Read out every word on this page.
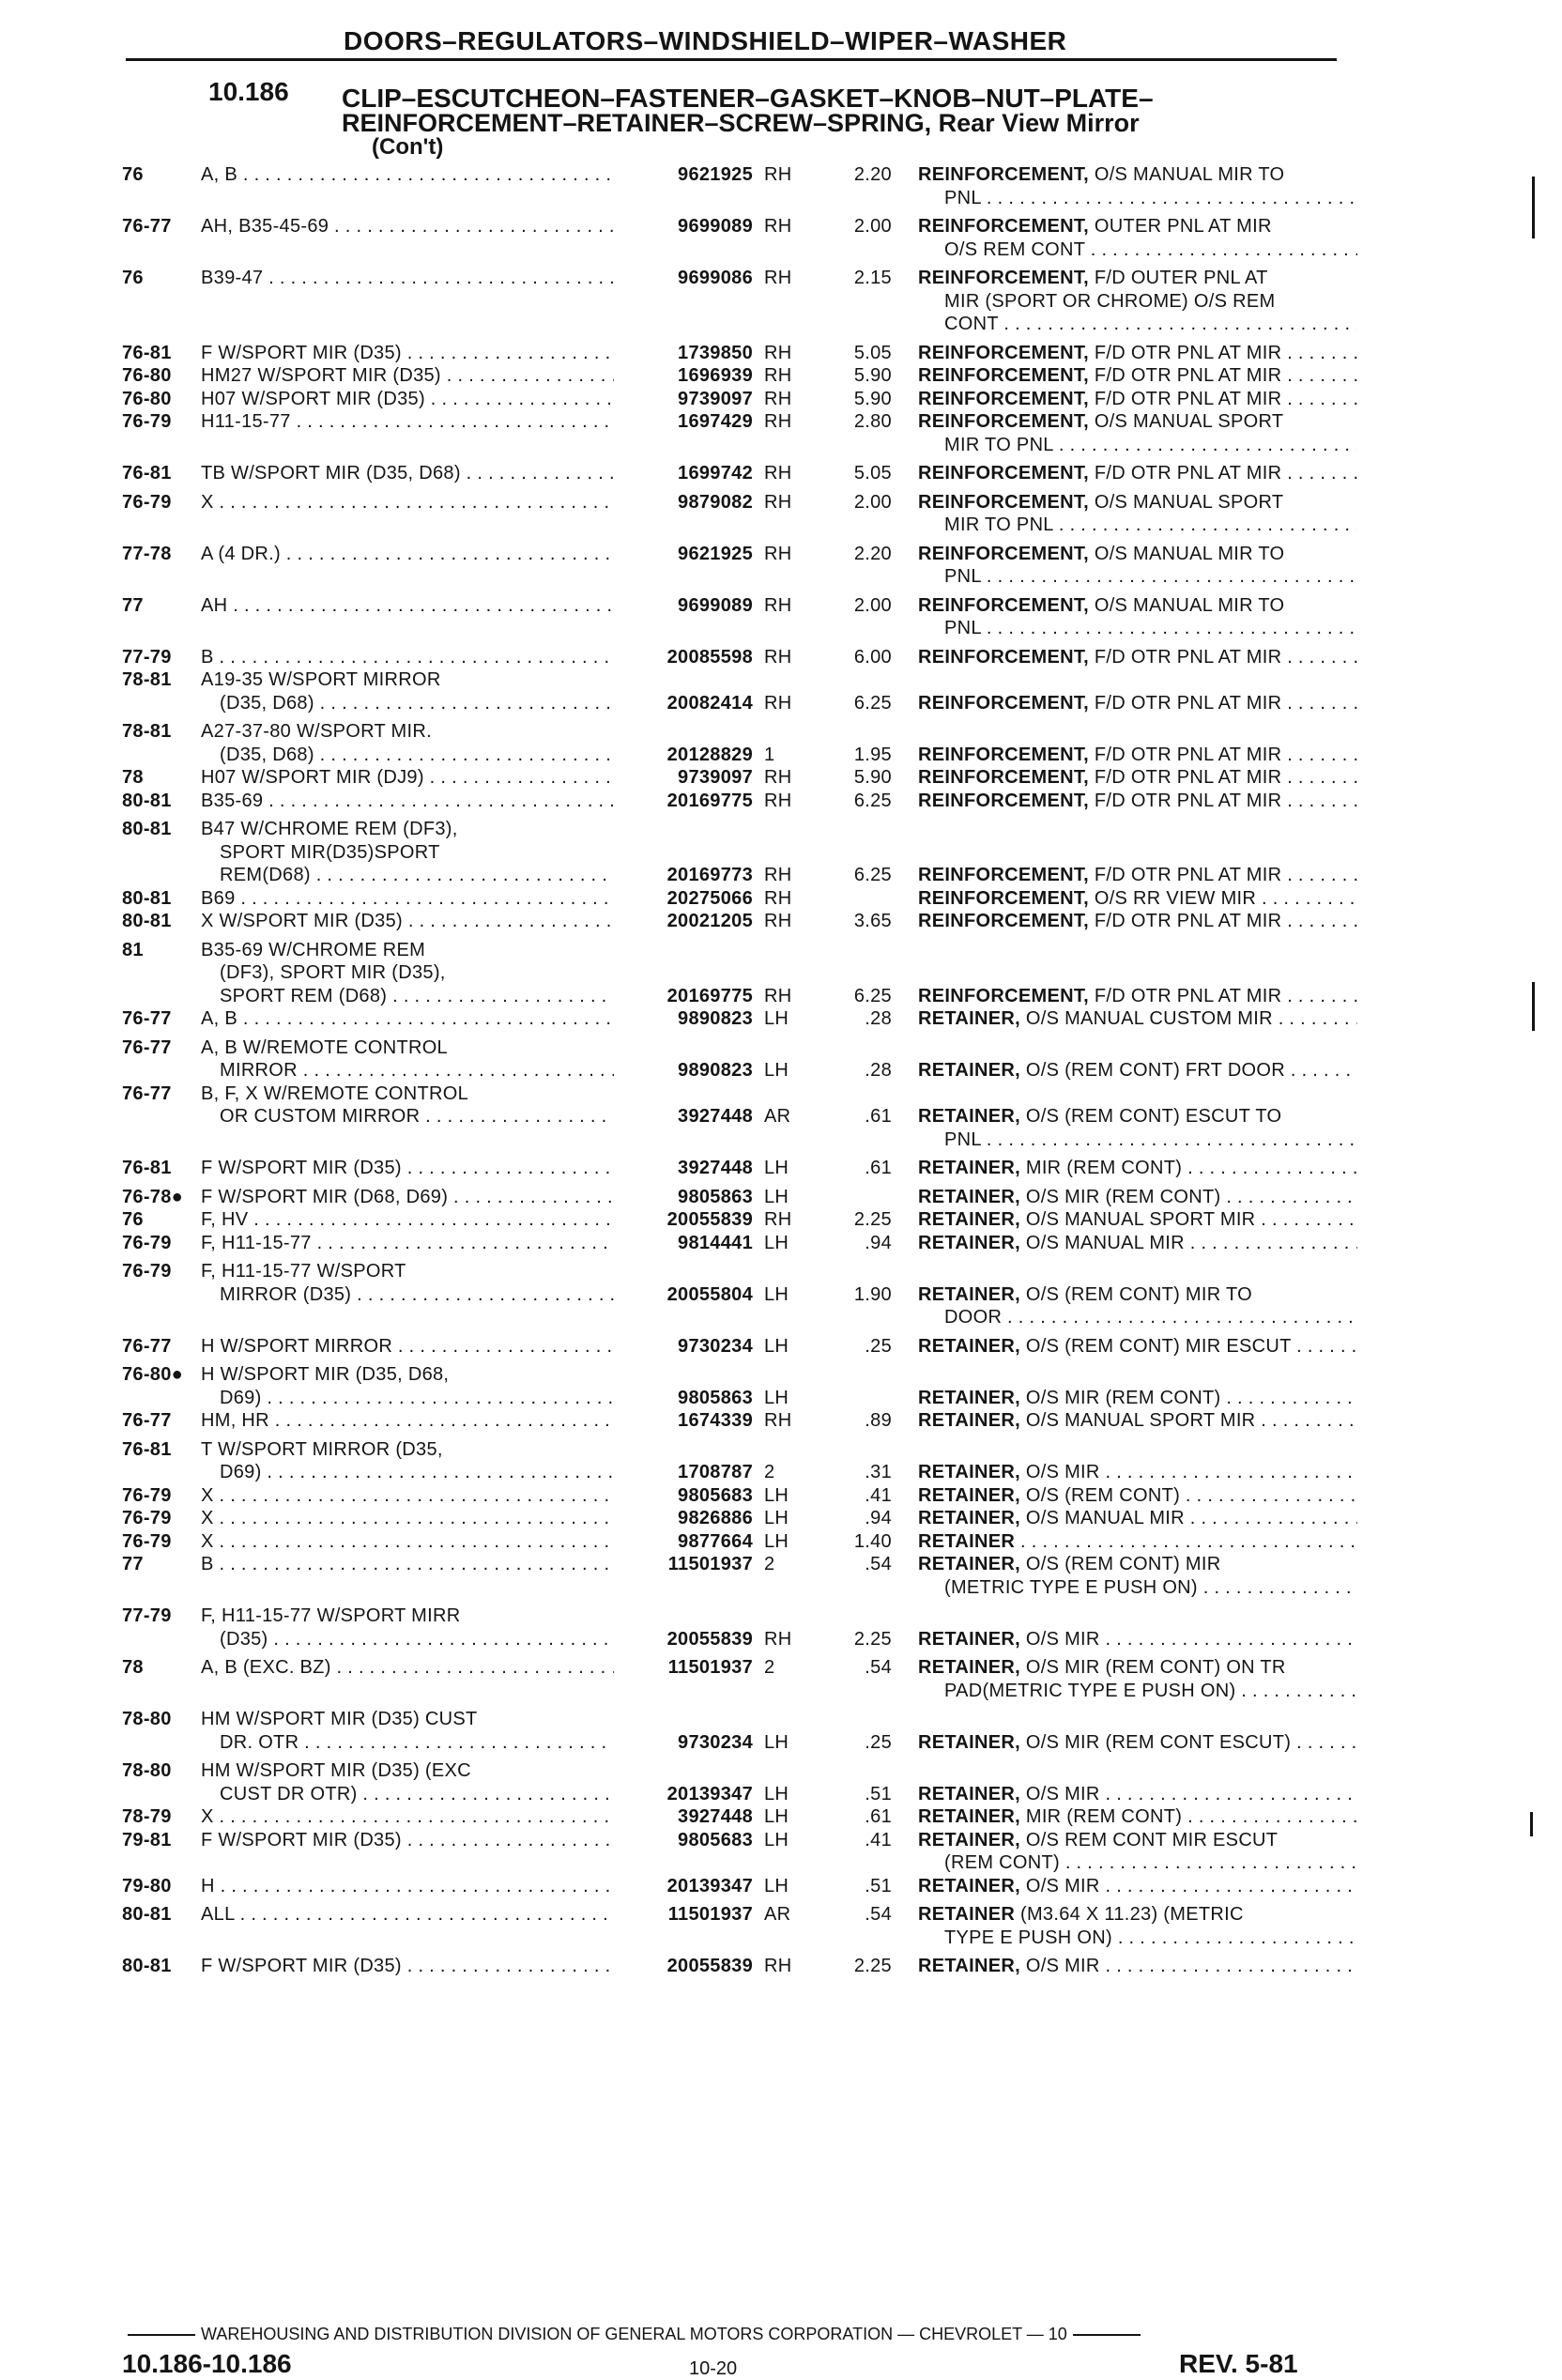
DOORS–REGULATORS–WINDSHIELD–WIPER–WASHER
10.186 CLIP–ESCUTCHEON–FASTENER–GASKET–KNOB–NUT–PLATE–
REINFORCEMENT–RETAINER–SCREW–SPRING, Rear View Mirror
(Con't)
76	A, B . . .	9621925 RH	2.20 REINFORCEMENT, O/S MANUAL MIR TO
PNL . . .
76-77	AH, B35-45-69 . . .	9699089 RH	2.00 REINFORCEMENT, OUTER PNL AT MIR
O/S REM CONT . . .
76	B39-47 . . .	9699086 RH	2.15 REINFORCEMENT, F/D OUTER PNL AT
MIR (SPORT OR CHROME) O/S REM
CONT . . .
76-81	F W/SPORT MIR (D35) . . .	1739850 RH	5.05 REINFORCEMENT, F/D OTR PNL AT MIR . . .
76-80	HM27 W/SPORT MIR (D35) . . .	1696939 RH	5.90 REINFORCEMENT, F/D OTR PNL AT MIR . . .
76-80	H07 W/SPORT MIR (D35) . . .	9739097 RH	5.90 REINFORCEMENT, F/D OTR PNL AT MIR . . .
76-79	H11-15-77 . . .	1697429 RH	2.80 REINFORCEMENT, O/S MANUAL SPORT
MIR TO PNL . . .
76-81	TB W/SPORT MIR (D35, D68) . . .	1699742 RH	5.05 REINFORCEMENT, F/D OTR PNL AT MIR . . .
76-79	X . . .	9879082 RH	2.00 REINFORCEMENT, O/S MANUAL SPORT
MIR TO PNL . . .
77-78	A (4 DR.) . . .	9621925 RH	2.20 REINFORCEMENT, O/S MANUAL MIR TO
PNL . . .
77	AH . . .	9699089 RH	2.00 REINFORCEMENT, O/S MANUAL MIR TO
PNL . . .
77-79	B . . .	20085598 RH	6.00 REINFORCEMENT, F/D OTR PNL AT MIR . . .
78-81	A19-35 W/SPORT MIRROR
(D35, D68) . . .	20082414 RH	6.25 REINFORCEMENT, F/D OTR PNL AT MIR . . .
78-81	A27-37-80 W/SPORT MIR.
(D35, D68) . . .	20128829 1	1.95 REINFORCEMENT, F/D OTR PNL AT MIR . . .
78	H07 W/SPORT MIR (DJ9) . . .	9739097 RH	5.90 REINFORCEMENT, F/D OTR PNL AT MIR . . .
80-81	B35-69 . . .	20169775 RH	6.25 REINFORCEMENT, F/D OTR PNL AT MIR . . .
80-81	B47 W/CHROME REM (DF3),
SPORT MIR(D35)SPORT
REM(D68) . . .	20169773 RH	6.25 REINFORCEMENT, F/D OTR PNL AT MIR . . .
80-81	B69 . . .	20275066 RH	REINFORCEMENT, O/S RR VIEW MIR . . .
80-81	X W/SPORT MIR (D35) . . .	20021205 RH	3.65 REINFORCEMENT, F/D OTR PNL AT MIR . . .
81	B35-69 W/CHROME REM
(DF3), SPORT MIR (D35),
SPORT REM (D68) . . .	20169775 RH	6.25 REINFORCEMENT, F/D OTR PNL AT MIR . . .
76-77	A, B . . .	9890823 LH	.28 RETAINER, O/S MANUAL CUSTOM MIR . . .
76-77	A, B W/REMOTE CONTROL
MIRROR . . .	9890823 LH	.28 RETAINER, O/S (REM CONT) FRT DOOR . . .
76-77	B, F, X W/REMOTE CONTROL
OR CUSTOM MIRROR . . .	3927448 AR	.61 RETAINER, O/S (REM CONT) ESCUT TO
PNL . . .
76-81	F W/SPORT MIR (D35) . . .	3927448 LH	.61 RETAINER, MIR (REM CONT) . . .
76-78● F W/SPORT MIR (D68, D69) . . .	9805863 LH	RETAINER, O/S MIR (REM CONT) . . .
76	F, HV . . .	20055839 RH	2.25 RETAINER, O/S MANUAL SPORT MIR . . .
76-79	F, H11-15-77 . . .	9814441 LH	.94 RETAINER, O/S MANUAL MIR . . .
76-79	F, H11-15-77 W/SPORT
MIRROR (D35) . . .	20055804 LH	1.90 RETAINER, O/S (REM CONT) MIR TO
DOOR . . .
76-77	H W/SPORT MIRROR . . .	9730234 LH	.25 RETAINER, O/S (REM CONT) MIR ESCUT . . .
76-80● H W/SPORT MIR (D35, D68,
D69) . . .	9805863 LH	RETAINER, O/S MIR (REM CONT) . . .
76-77	HM, HR . . .	1674339 RH	.89 RETAINER, O/S MANUAL SPORT MIR . . .
76-81	T W/SPORT MIRROR (D35,
D69) . . .	1708787 2	.31 RETAINER, O/S MIR . . .
76-79	X . . .	9805683 LH	.41 RETAINER, O/S (REM CONT) . . .
76-79	X . . .	9826886 LH	.94 RETAINER, O/S MANUAL MIR . . .
76-79	X . . .	9877664 LH	1.40 RETAINER . . .
77	B . . .	11501937 2	.54 RETAINER, O/S (REM CONT) MIR
(METRIC TYPE E PUSH ON) . . .
77-79	F, H11-15-77 W/SPORT MIRR
(D35) . . .	20055839 RH	2.25 RETAINER, O/S MIR . . .
78	A, B (EXC. BZ) . . .	11501937 2	.54 RETAINER, O/S MIR (REM CONT) ON TR
PAD(METRIC TYPE E PUSH ON) . . .
78-80	HM W/SPORT MIR (D35) CUST
DR. OTR . . .	9730234 LH	.25 RETAINER, O/S MIR (REM CONT ESCUT) . . .
78-80	HM W/SPORT MIR (D35) (EXC
CUST DR OTR) . . .	20139347 LH	.51 RETAINER, O/S MIR . . .
78-79	X . . .	3927448 LH	.61 RETAINER, MIR (REM CONT) . . .
79-81	F W/SPORT MIR (D35) . . .	9805683 LH	.41 RETAINER, O/S REM CONT MIR ESCUT
(REM CONT) . . .
79-80	H . . .	20139347 LH	.51 RETAINER, O/S MIR . . .
80-81	ALL . . .	11501937 AR	.54 RETAINER (M3.64 X 11.23) (METRIC
TYPE E PUSH ON) . . .
80-81	F W/SPORT MIR (D35) . . .	20055839 RH	2.25 RETAINER, O/S MIR . . .
WAREHOUSING AND DISTRIBUTION DIVISION OF GENERAL MOTORS CORPORATION — CHEVROLET — 10
10.186-10.186	10-20	REV. 5-81
